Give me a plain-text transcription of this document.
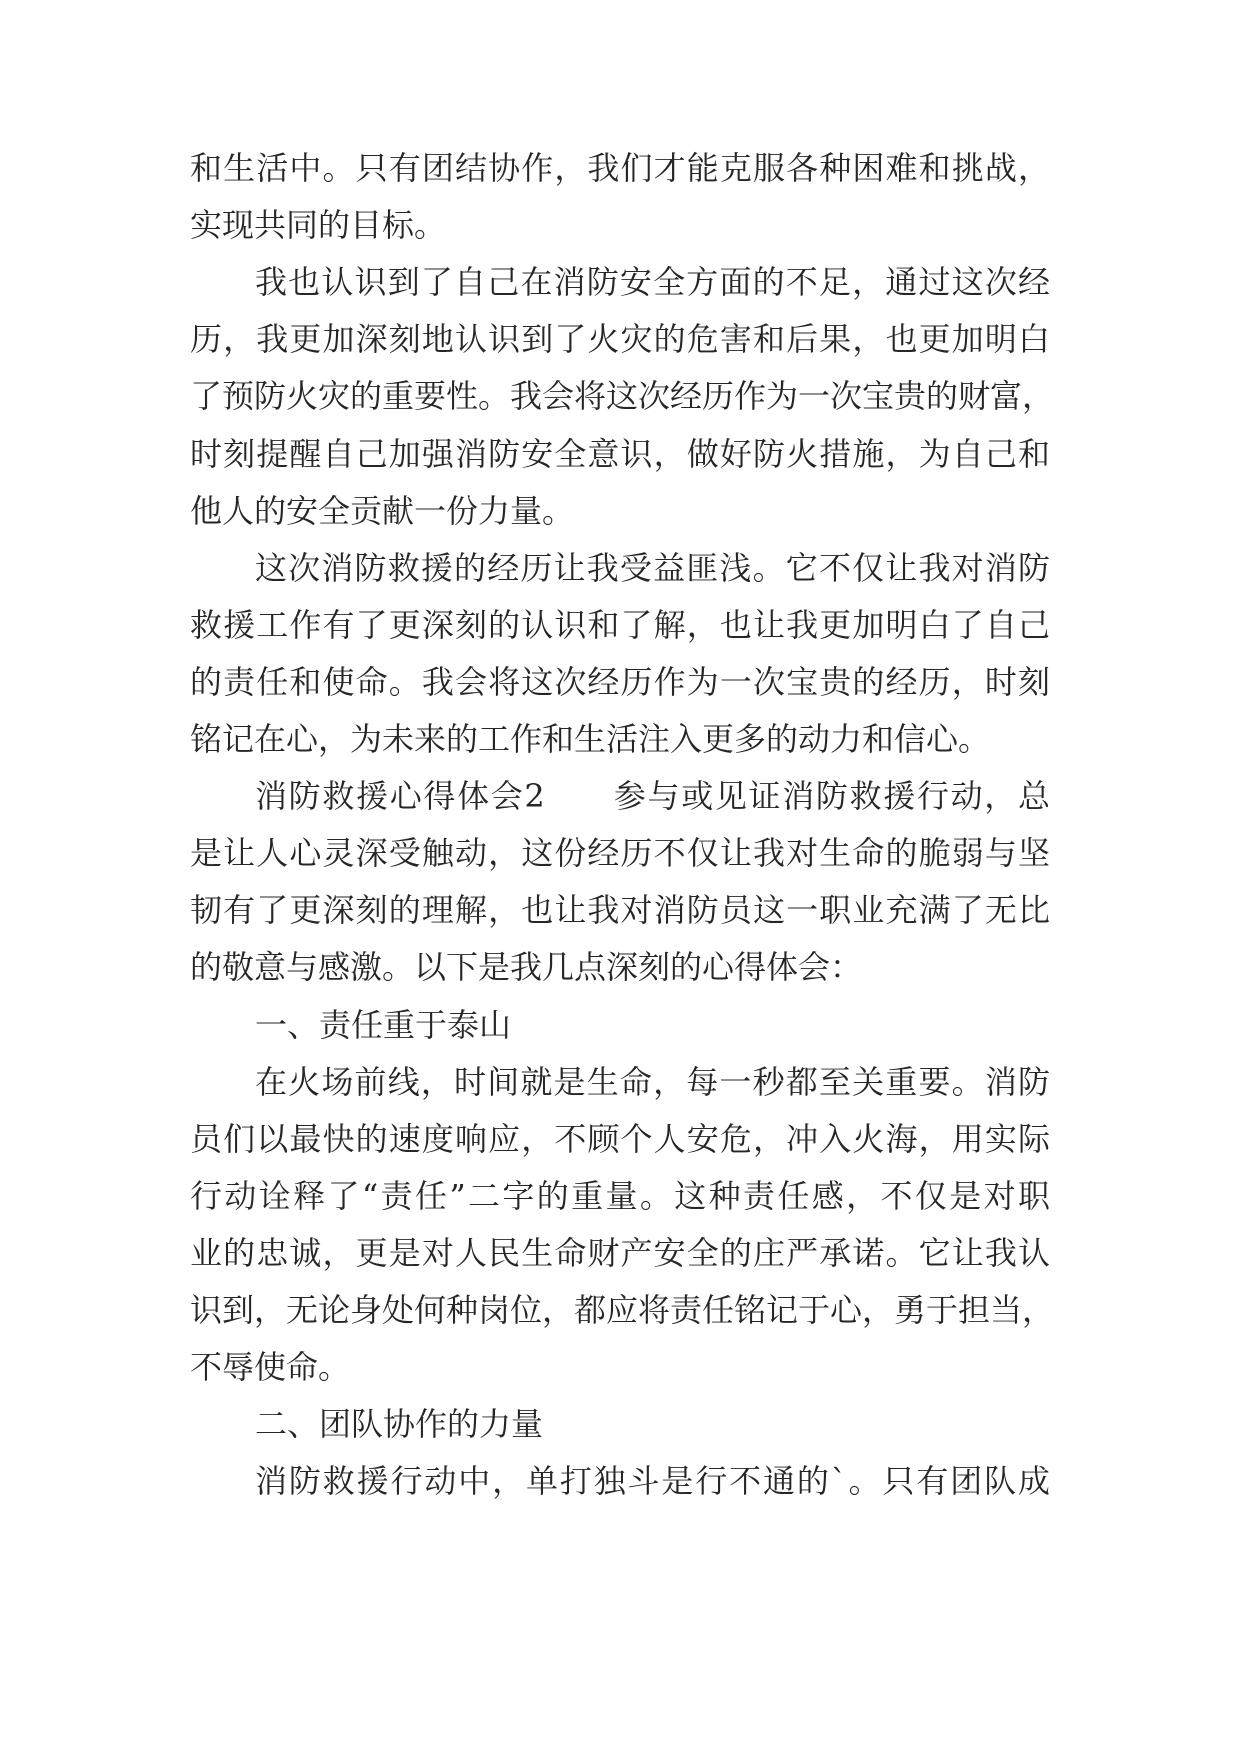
和生活中。只有团结协作，我们才能克服各种困难和挑战，
实现共同的目标。
我也认识到了自己在消防安全方面的不足，通过这次经
历，我更加深刻地认识到了火灾的危害和后果，也更加明白
了预防火灾的重要性。我会将这次经历作为一次宝贵的财富，
时刻提醒自己加强消防安全意识，做好防火措施，为自己和
他人的安全贡献一份力量。
这次消防救援的经历让我受益匪浅。它不仅让我对消防
救援工作有了更深刻的认识和了解，也让我更加明白了自己
的责任和使命。我会将这次经历作为一次宝贵的经历，时刻
铭记在心，为未来的工作和生活注入更多的动力和信心。
消防救援心得体会2　　参与或见证消防救援行动，总
是让人心灵深受触动，这份经历不仅让我对生命的脆弱与坚
韧有了更深刻的理解，也让我对消防员这一职业充满了无比
的敬意与感激。以下是我几点深刻的心得体会：
一、责任重于泰山
在火场前线，时间就是生命，每一秒都至关重要。消防
员们以最快的速度响应，不顾个人安危，冲入火海，用实际
行动诠释了“责任”二字的重量。这种责任感，不仅是对职
业的忠诚，更是对人民生命财产安全的庄严承诺。它让我认
识到，无论身处何种岗位，都应将责任铭记于心，勇于担当，
不辱使命。
二、团队协作的力量
消防救援行动中，单打独斗是行不通的`。只有团队成
